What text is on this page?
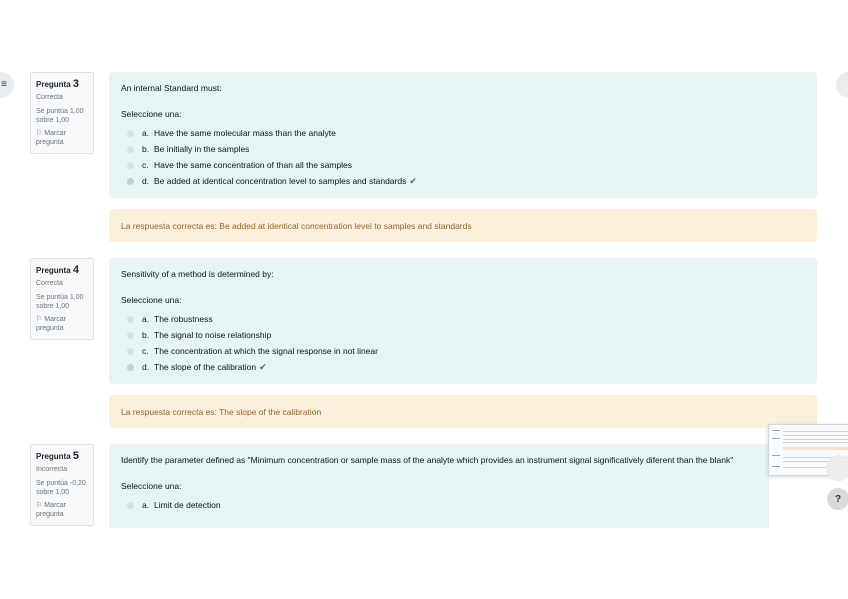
≡	Pregunta 3
Correcta
Se puntúa 1,00 sobre 1,00
⚐ Marcar pregunta
An internal Standard must:
Seleccione una:
a. Have the same molecular mass than the analyte
b. Be initially in the samples
c. Have the same concentration of than all the samples
d. Be added at identical concentration level to samples and standards ✔
La respuesta correcta es: Be added at identical concentration level to samples and standards
Pregunta 4
Correcta
Se puntúa 1,00 sobre 1,00
⚐ Marcar pregunta
Sensitivity of a method is determined by:
Seleccione una:
a. The robustness
b. The signal to noise relationship
c. The concentration at which the signal response in not linear
d. The slope of the calibration ✔
La respuesta correcta es: The slope of the calibration
Pregunta 5
Incorrecta
Se puntúa -0,20 sobre 1,00
⚐ Marcar pregunta
Identify the parameter defined as "Minimum concentration or sample mass of the analyte which provides an instrument signal significatively diferent than the blank"
Seleccione una:
a. Limit de detection
?
